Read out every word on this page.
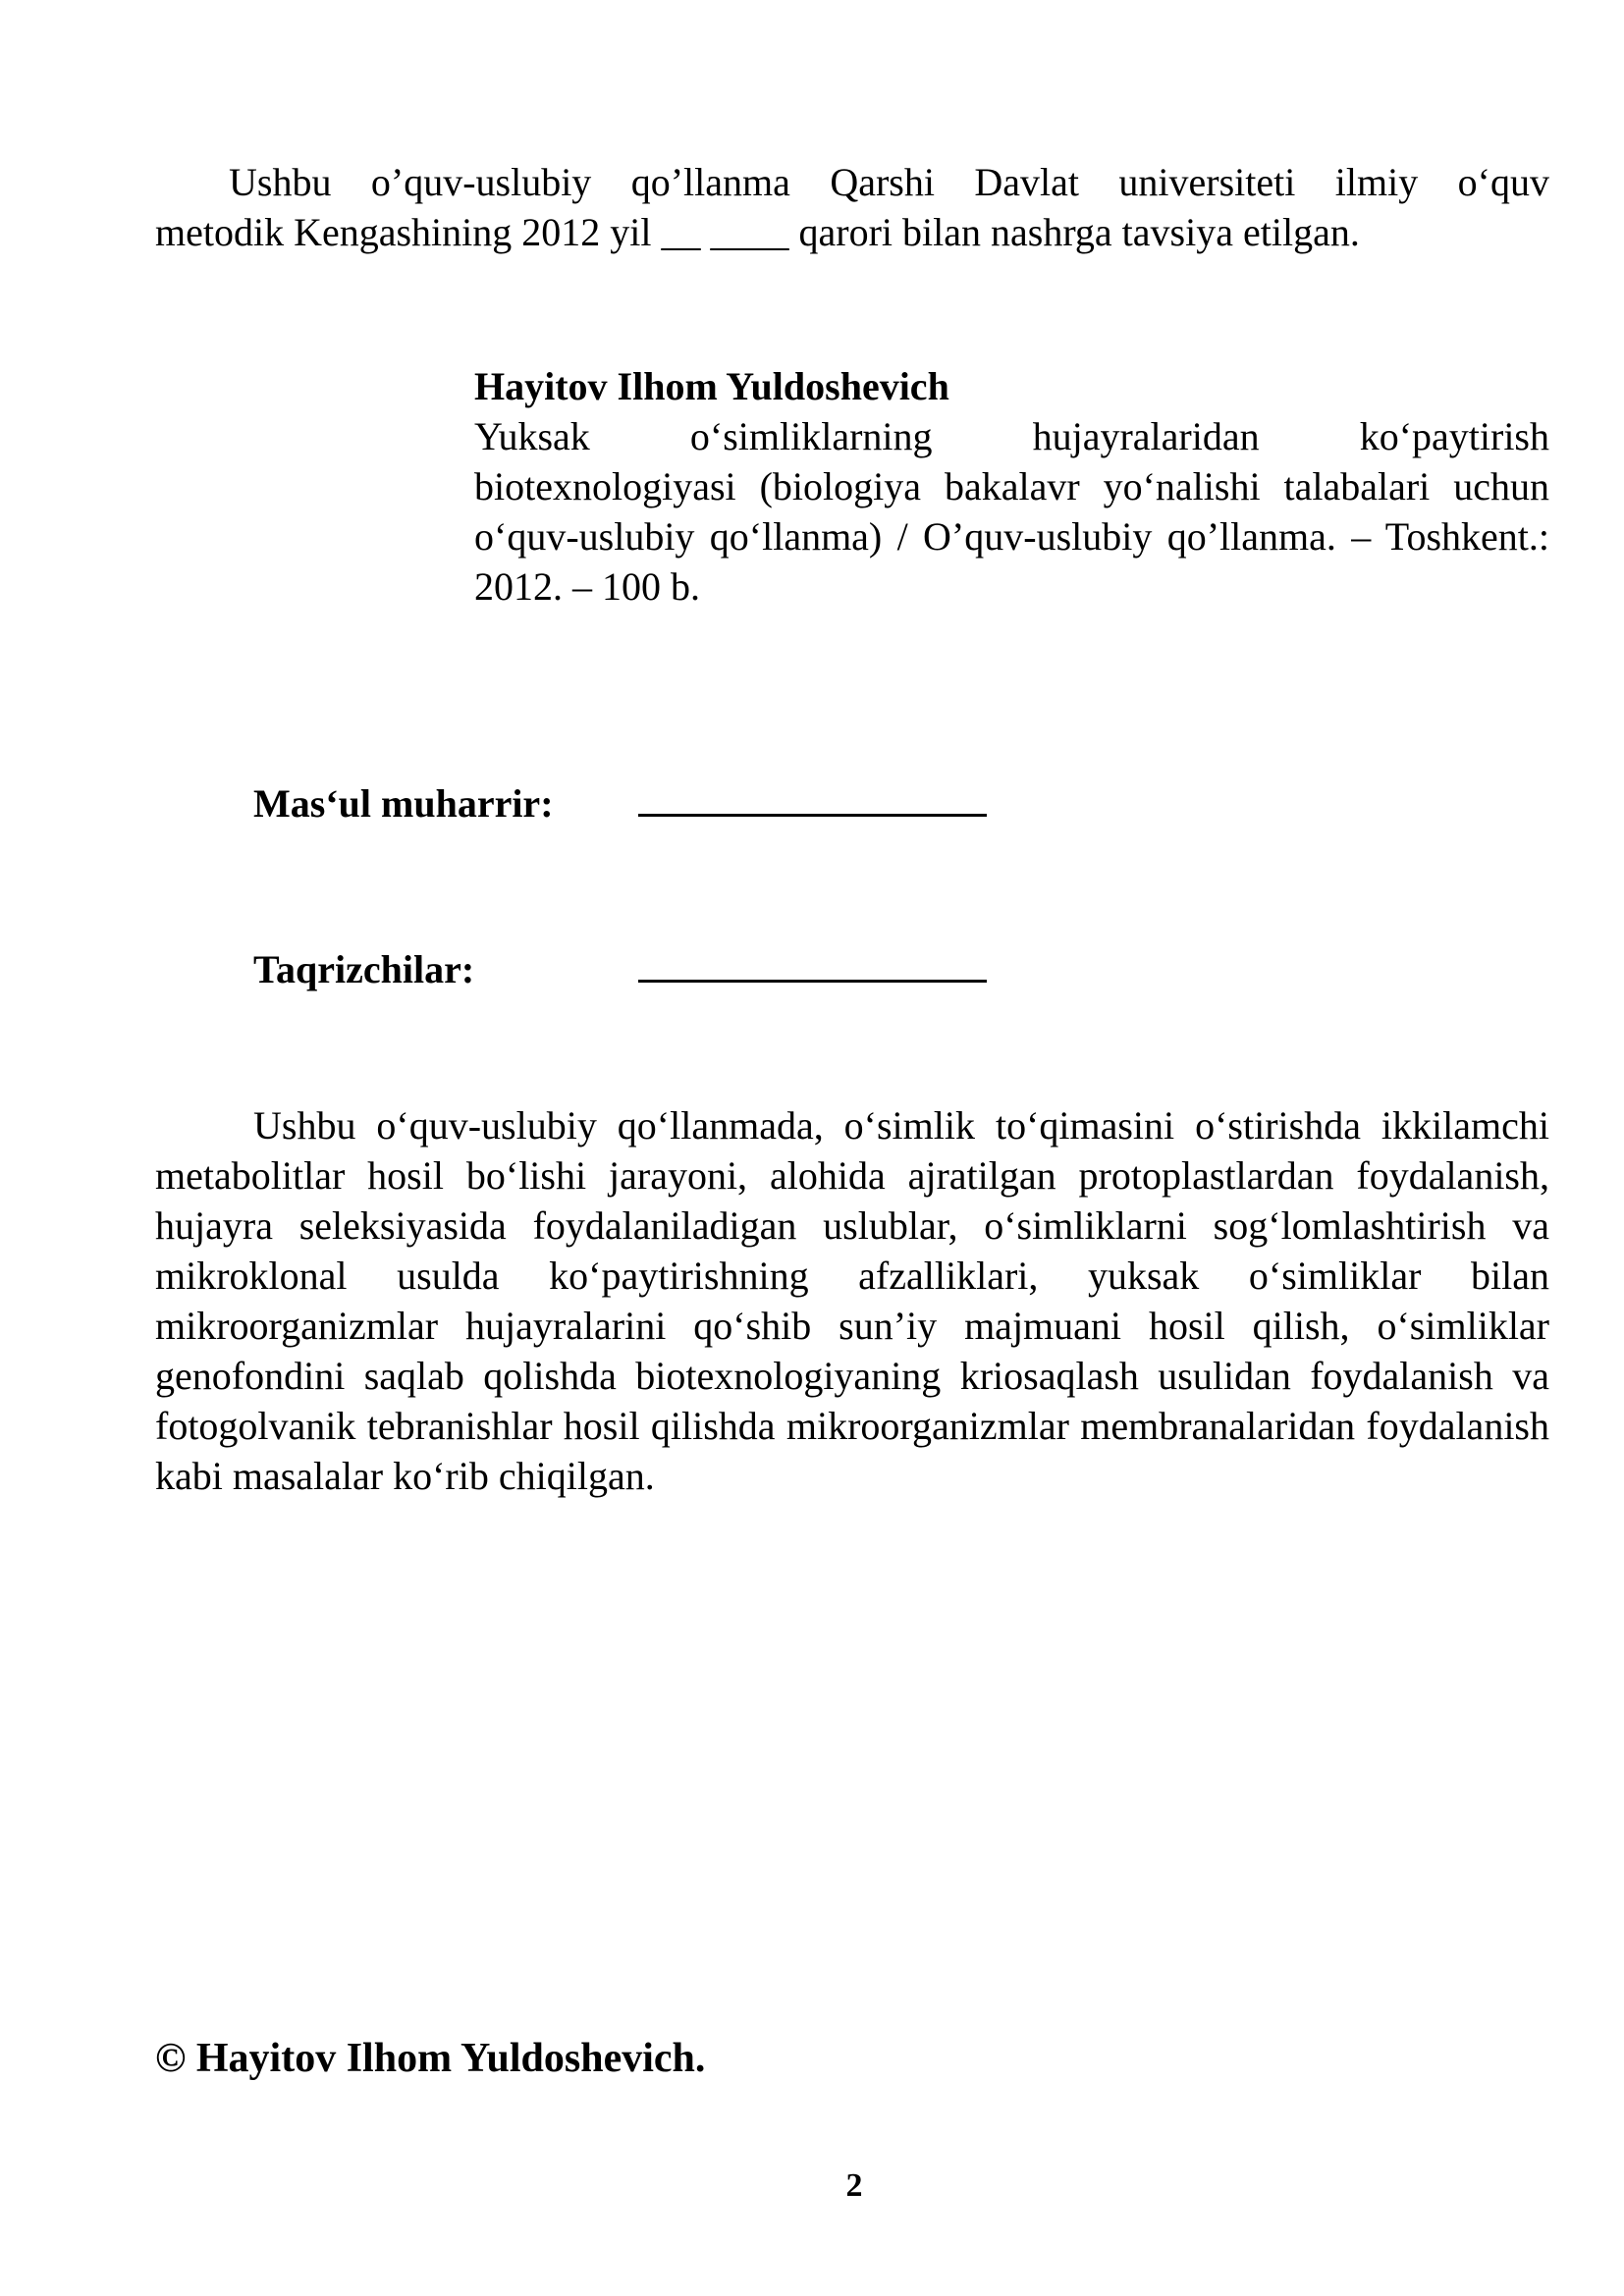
Ushbu o’quv-uslubiy qo’llanma Qarshi Davlat universiteti ilmiy o‘quv
metodik Kengashining 2012 yil __ ____ qarori bilan nashrga tavsiya etilgan.

Hayitov Ilhom Yuldoshevich
Yuksak o‘simliklarning hujayralaridan ko‘paytirish biotexnologiyasi (biologiya bakalavr yo‘nalishi talabalari uchun o‘quv-uslubiy qo‘llanma) / O’quv-uslubiy qo’llanma. – Toshkent.: 2012. – 100 b.
Mas‘ul muharrir:
Taqrizchilar:

Ushbu o‘quv-uslubiy qo‘llanmada, o‘simlik to‘qimasini o‘stirishda ikkilamchi metabolitlar hosil bo‘lishi jarayoni, alohida ajratilgan protoplastlardan foydalanish, hujayra seleksiyasida foydalaniladigan uslublar, o‘simliklarni sog‘lomlashtirish va mikroklonal usulda ko‘paytirishning afzalliklari, yuksak o‘simliklar bilan mikroorganizmlar hujayralarini qo‘shib sun’iy majmuani hosil qilish, o‘simliklar genofondini saqlab qolishda biotexnologiyaning kriosaqlash usulidan foydalanish va fotogolvanik tebranishlar hosil qilishda mikroorganizmlar membranalaridan foydalanish kabi masalalar ko‘rib chiqilgan.

© Hayitov Ilhom Yuldoshevich.
2
